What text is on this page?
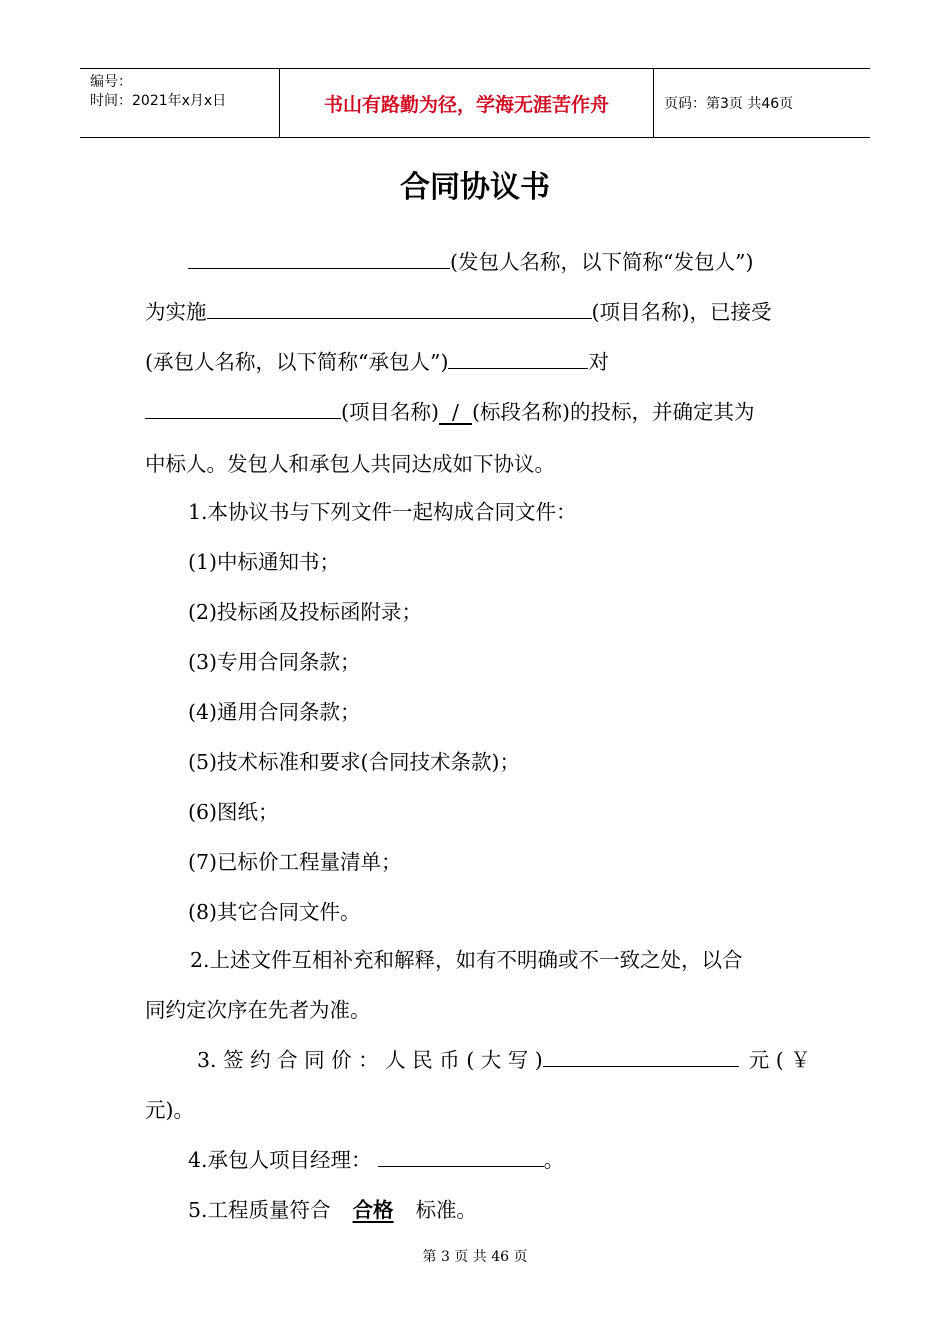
编号：
时间：2021年x月x日	书山有路勤为径，学海无涯苦作舟	页码：第3页 共46页
合同协议书
(发包人名称，以下简称“发包人”)
为实施	(项目名称)，已接受
(承包人名称，以下简称“承包人”)	对
(项目名称)  /  (标段名称)的投标，并确定其为
中标人。发包人和承包人共同达成如下协议。
1.本协议书与下列文件一起构成合同文件：
(1)中标通知书；
(2)投标函及投标函附录；
(3)专用合同条款；
(4)通用合同条款；
(5)技术标准和要求(合同技术条款)；
(6)图纸；
(7)已标价工程量清单；
(8)其它合同文件。
2.上述文件互相补充和解释，如有不明确或不一致之处，以合
同约定次序在先者为准。
3. 签 约 合 同 价 ： 人 民 币 ( 大 写 )	元 ( ￥
元)。
4.承包人项目经理：	。
5.工程质量符合 合格 标准。
第 3 页 共 46 页
